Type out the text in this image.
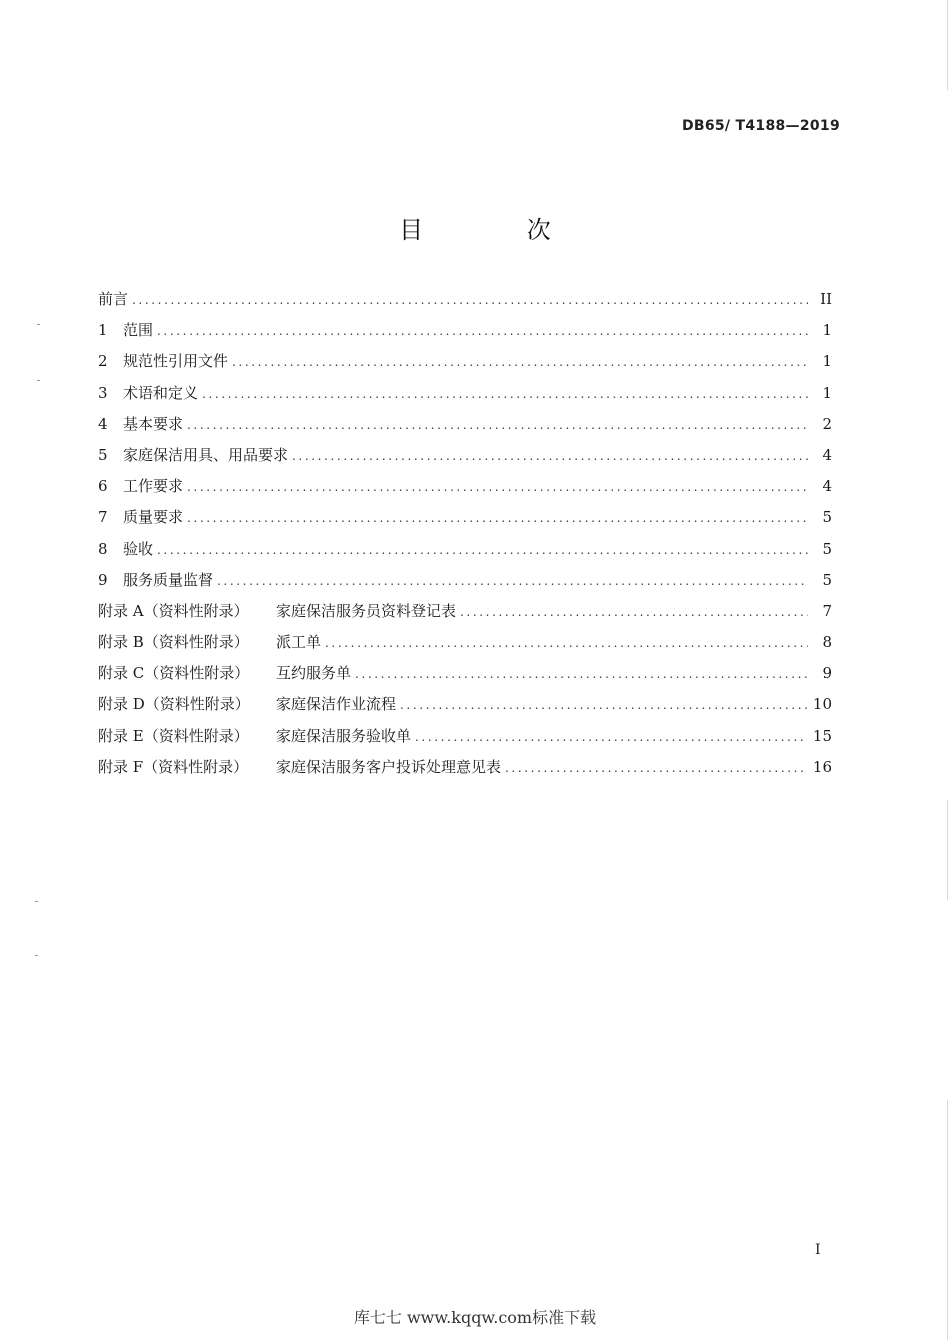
DB65/ T4188—2019
目 次
前言 .....	II
1	范围 .....	1
2	规范性引用文件 .....	1
3	术语和定义 .....	1
4	基本要求 .....	2
5	家庭保洁用具、用品要求 .....	4
6	工作要求 .....	4
7	质量要求 .....	5
8	验收 .....	5
9	服务质量监督 .....	5
附录 A（资料性附录）	家庭保洁服务员资料登记表 .....	7
附录 B（资料性附录）	派工单 .....	8
附录 C（资料性附录）	互约服务单 .....	9
附录 D（资料性附录）	家庭保洁作业流程 .....	10
附录 E（资料性附录）	家庭保洁服务验收单 .....	15
附录 F（资料性附录）	家庭保洁服务客户投诉处理意见表 .....	16
I
库七七 www.kqqw.com标准下载
